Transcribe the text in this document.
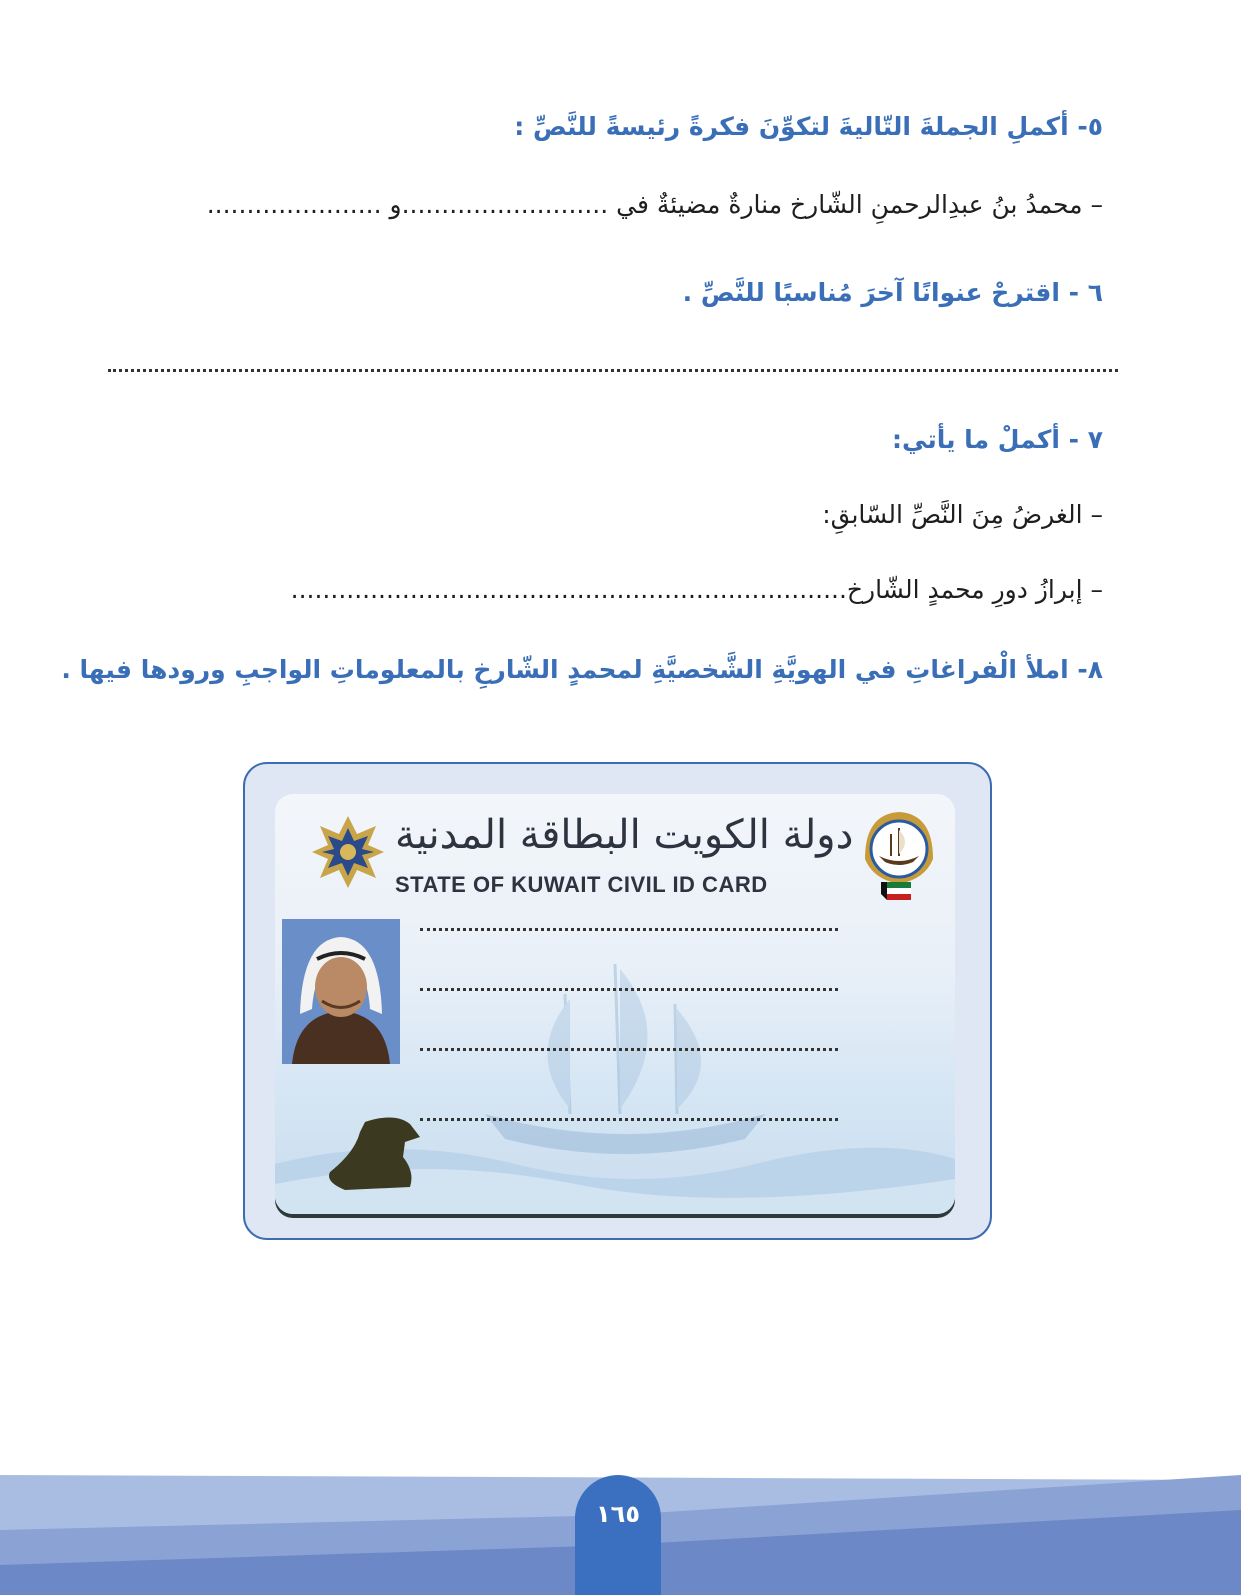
٥- أكملِ الجملةَ التّاليةَ لتكوِّنَ فكرةً رئيسةً للنَّصِّ :
– محمدُ بنُ عبدِالرحمنِ الشّارخ منارةٌ مضيئةٌ في ..........................و ......................
٦ - اقترحْ عنوانًا آخرَ مُناسبًا للنَّصِّ .
٧ - أكملْ ما يأتي:
– الغرضُ مِنَ النَّصِّ السّابقِ:
– إبرازُ دورِ محمدٍ الشّارخ......................................................................
٨- املأ الْفراغاتِ في الهويَّةِ الشَّخصيَّةِ لمحمدٍ الشّارخِ بالمعلوماتِ الواجبِ ورودها فيها .
دولة الكويت البطاقة المدنية
STATE OF KUWAIT CIVIL ID CARD
١٦٥
